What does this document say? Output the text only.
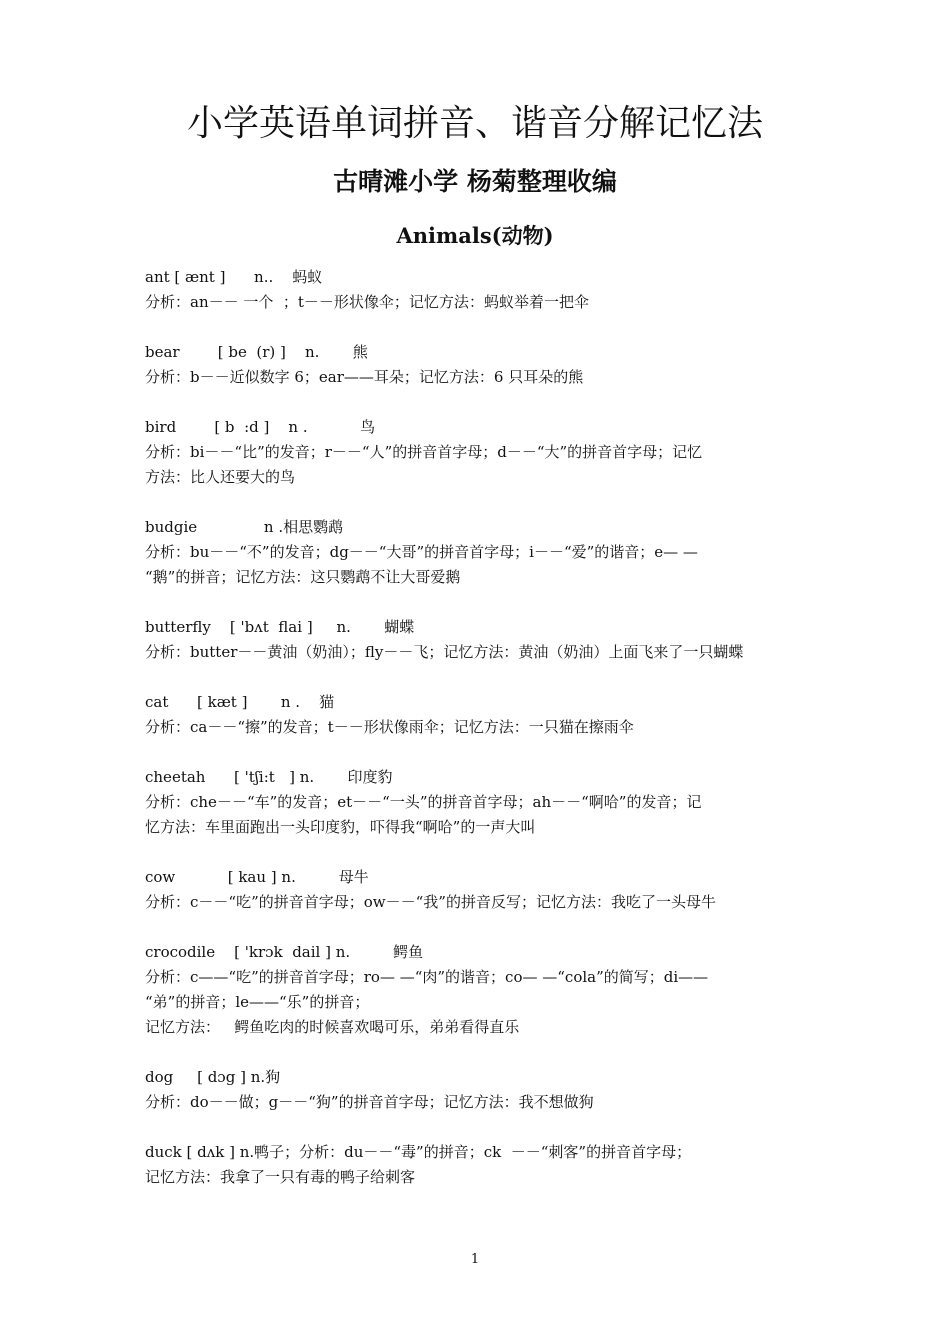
小学英语单词拼音、谐音分解记忆法
古晴滩小学 杨菊整理收编
Animals(动物)

ant [ ænt ]      n..    蚂蚁

分析：an－－ 一个  ；t－－形状像伞；记忆方法：蚂蚁举着一把伞

bear        [ be  (r) ]    n.       熊

分析：b－－近似数字 6；ear——耳朵；记忆方法：6 只耳朵的熊

bird        [ b  :d ]    n .           鸟

分析：bi－－“比”的发音；r－－“人”的拼音首字母；d－－“大”的拼音首字母；记忆

方法：比人还要大的鸟

budgie              n .相思鹦鹉

分析：bu－－“不”的发音；dg－－“大哥”的拼音首字母；i－－“爱”的谐音；e— —

“鹅”的拼音；记忆方法：这只鹦鹉不让大哥爱鹅

butterfly    [ 'bʌt  flai ]     n.       蝴蝶

分析：butter－－黄油（奶油）；fly－－飞；记忆方法：黄油（奶油）上面飞来了一只蝴蝶

cat      [ kæt ]       n .    猫

分析：ca－－“擦”的发音；t－－形状像雨伞；记忆方法：一只猫在擦雨伞

cheetah      [ 'tʃi:t   ] n.       印度豹

分析：che－－“车”的发音；et－－“一头”的拼音首字母；ah－－“啊哈”的发音；记

忆方法：车里面跑出一头印度豹，吓得我“啊哈”的一声大叫

cow           [ kau ] n.         母牛

分析：c－－“吃”的拼音首字母；ow－－“我”的拼音反写；记忆方法：我吃了一头母牛

crocodile    [ 'krɔk  dail ] n.         鳄鱼

分析：c——“吃”的拼音首字母；ro— —“肉”的谐音；co— —“cola”的简写；di——

“弟”的拼音；le——“乐”的拼音；

记忆方法：   鳄鱼吃肉的时候喜欢喝可乐，弟弟看得直乐

dog     [ dɔg ] n.狗

分析：do－－做；g－－“狗”的拼音首字母；记忆方法：我不想做狗

duck [ dʌk ] n.鸭子；分析：du－－“毒”的拼音；ck  －－“刺客”的拼音首字母；

记忆方法：我拿了一只有毒的鸭子给刺客

1
